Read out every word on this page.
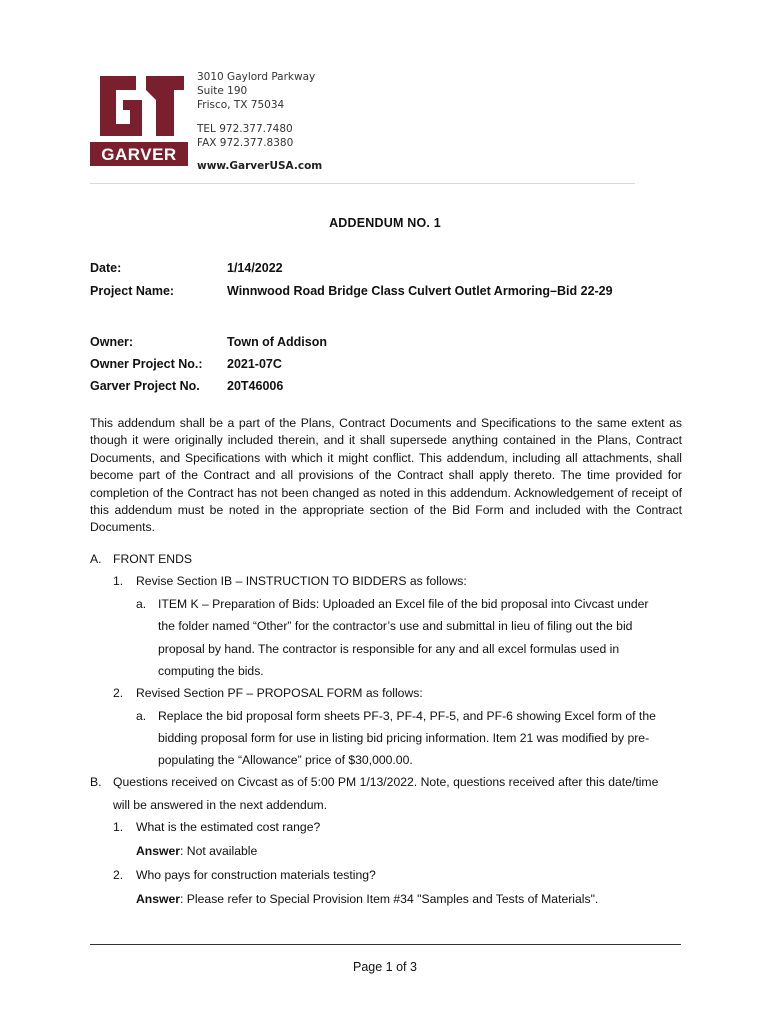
GARVER
3010 Gaylord Parkway
Suite 190
Frisco, TX 75034
TEL 972.377.7480
FAX 972.377.8380
www.GarverUSA.com
ADDENDUM NO. 1
Date:	1/14/2022
Project Name:	Winnwood Road Bridge Class Culvert Outlet Armoring–Bid 22-29
Owner:	Town of Addison
Owner Project No.: 2021-07C
Garver Project No. 20T46006
This addendum shall be a part of the Plans, Contract Documents and Specifications to the same extent as though it were originally included therein, and it shall supersede anything contained in the Plans, Contract Documents, and Specifications with which it might conflict. This addendum, including all attachments, shall become part of the Contract and all provisions of the Contract shall apply thereto. The time provided for completion of the Contract has not been changed as noted in this addendum. Acknowledgement of receipt of this addendum must be noted in the appropriate section of the Bid Form and included with the Contract Documents.
A. FRONT ENDS
1. Revise Section IB – INSTRUCTION TO BIDDERS as follows:
a. ITEM K – Preparation of Bids: Uploaded an Excel file of the bid proposal into Civcast under
the folder named “Other” for the contractor’s use and submittal in lieu of filing out the bid
proposal by hand. The contractor is responsible for any and all excel formulas used in
computing the bids.
2. Revised Section PF – PROPOSAL FORM as follows:
a. Replace the bid proposal form sheets PF-3, PF-4, PF-5, and PF-6 showing Excel form of the
bidding proposal form for use in listing bid pricing information. Item 21 was modified by pre-
populating the “Allowance” price of $30,000.00.
B. Questions received on Civcast as of 5:00 PM 1/13/2022. Note, questions received after this date/time
will be answered in the next addendum.
1. What is the estimated cost range?
Answer: Not available
2. Who pays for construction materials testing?
Answer: Please refer to Special Provision Item #34 "Samples and Tests of Materials".
Page 1 of 3
